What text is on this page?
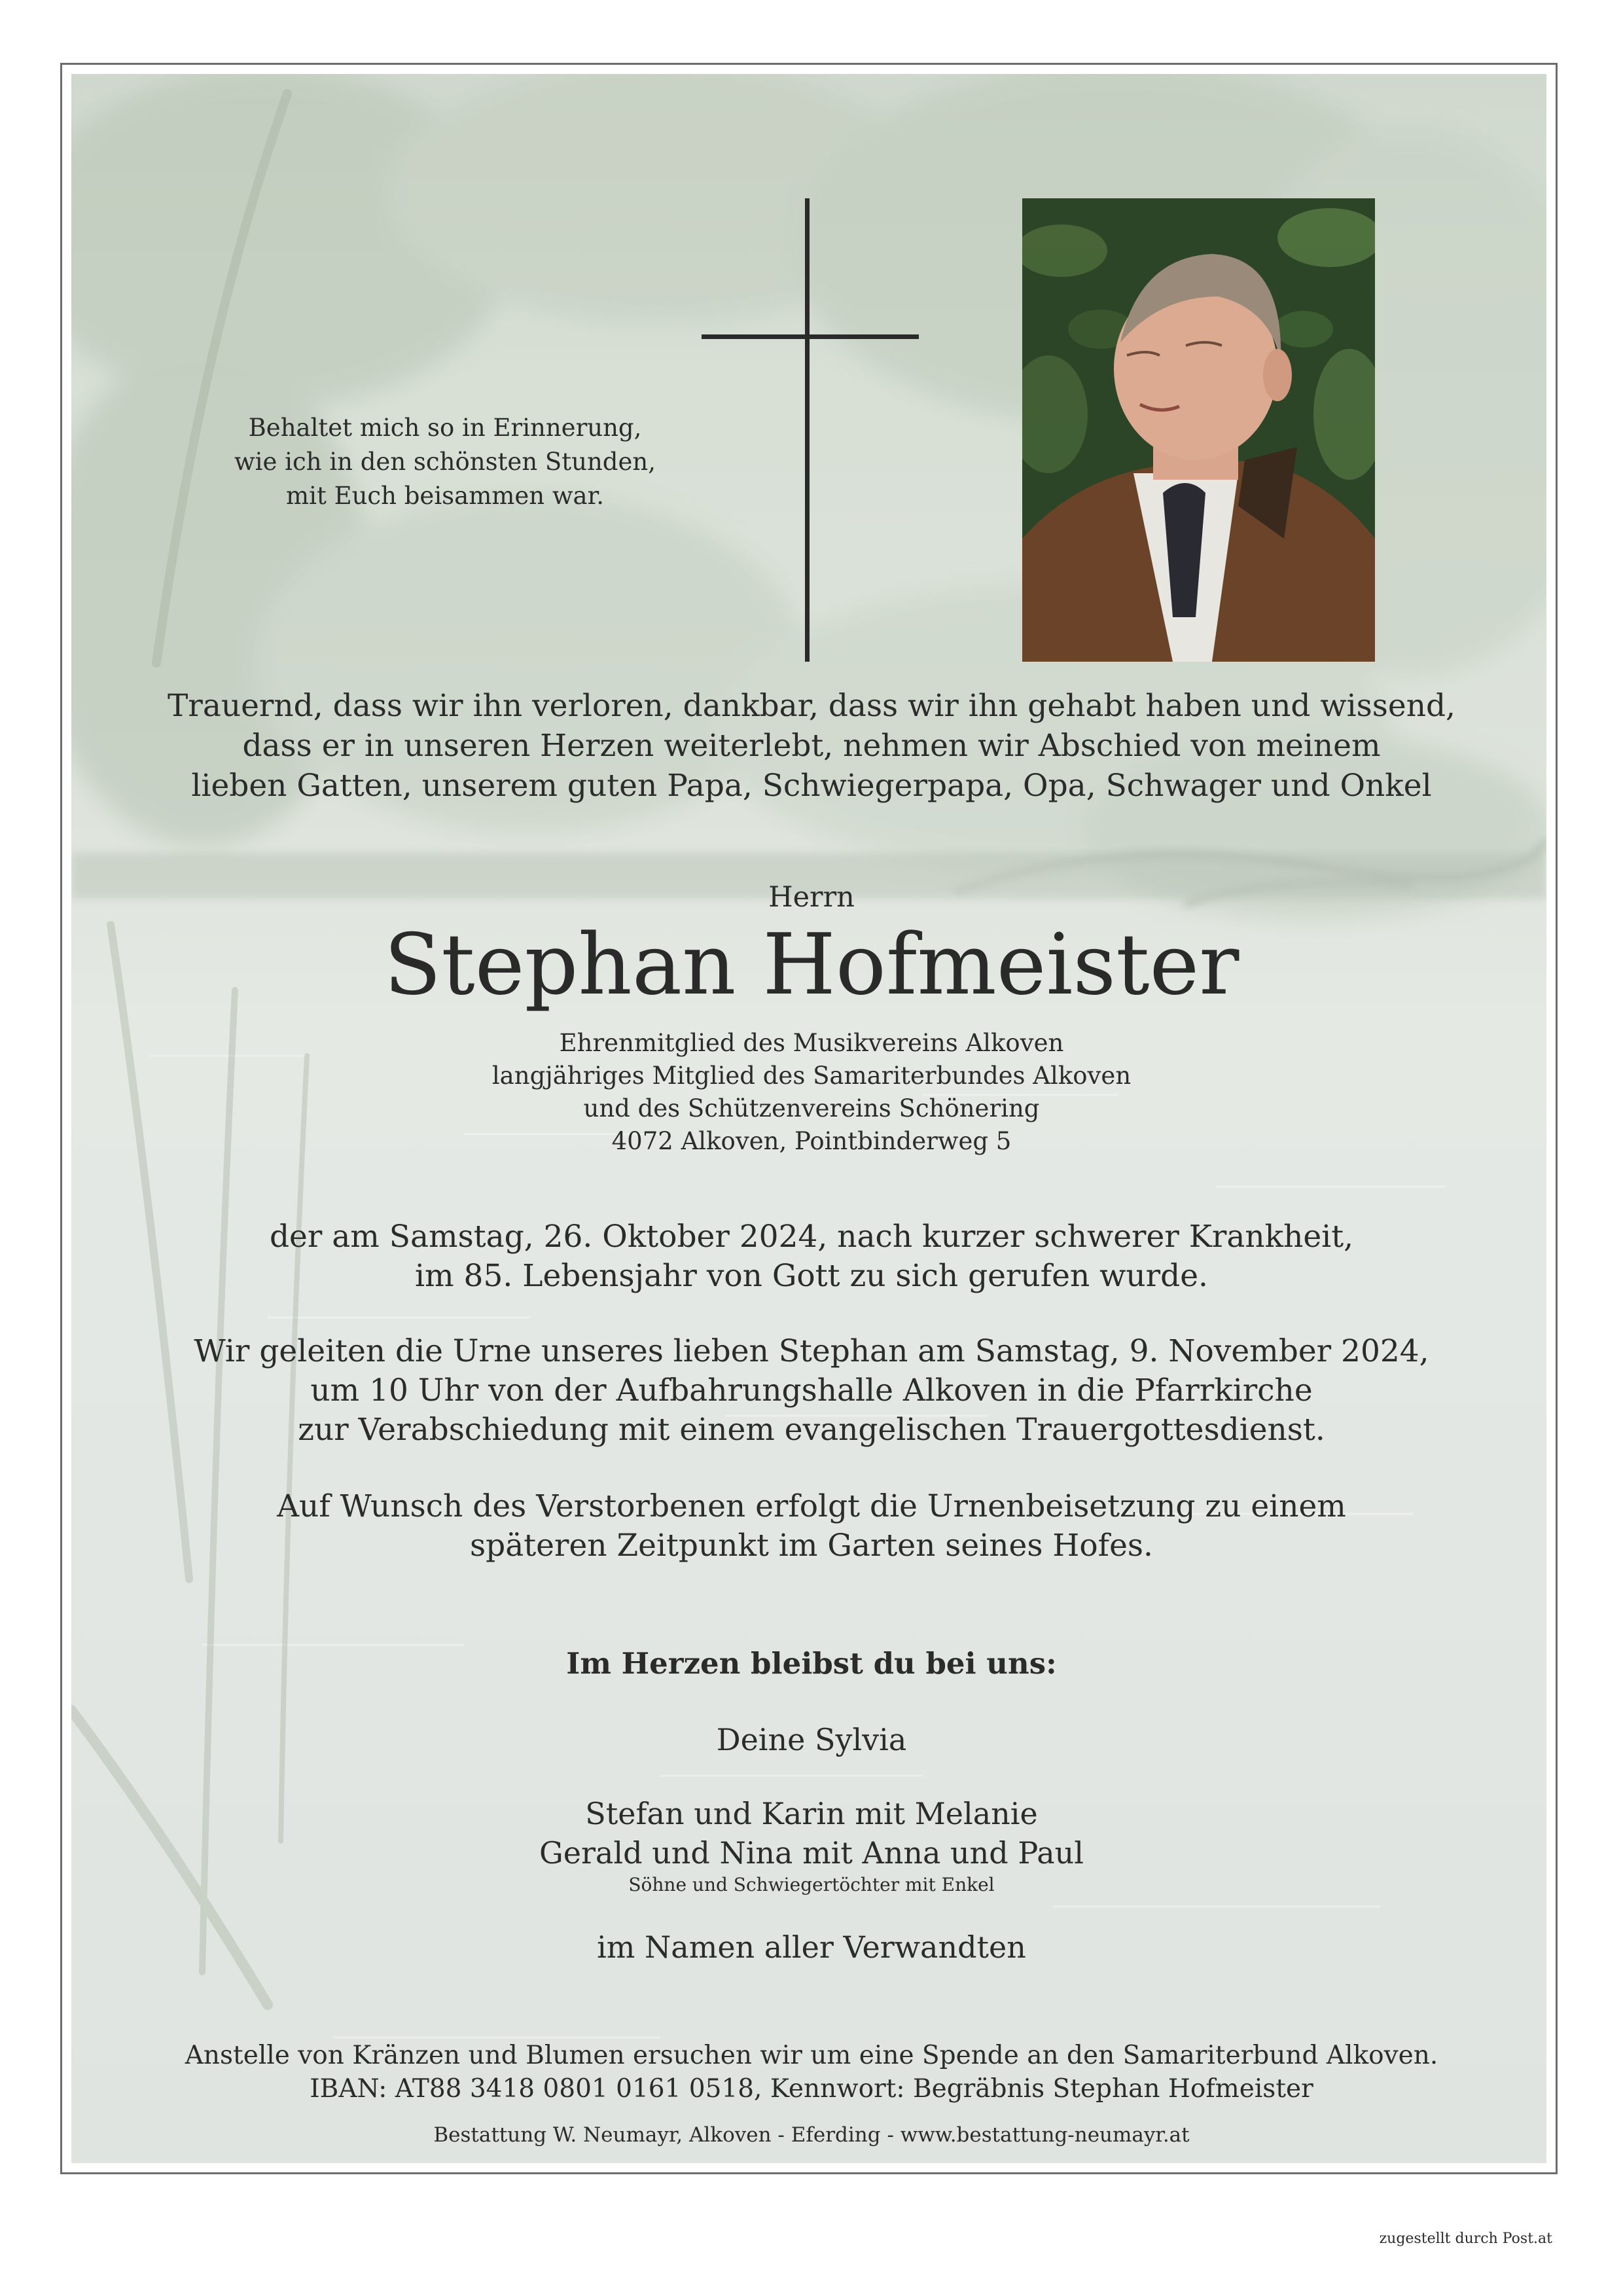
Behaltet mich so in Erinnerung,
wie ich in den schönsten Stunden,
mit Euch beisammen war.
Trauernd, dass wir ihn verloren, dankbar, dass wir ihn gehabt haben und wissend,
dass er in unseren Herzen weiterlebt, nehmen wir Abschied von meinem
lieben Gatten, unserem guten Papa, Schwiegerpapa, Opa, Schwager und Onkel
Herrn
Stephan Hofmeister
Ehrenmitglied des Musikvereins Alkoven
langjähriges Mitglied des Samariterbundes Alkoven
und des Schützenvereins Schönering
4072 Alkoven, Pointbinderweg 5
der am Samstag, 26. Oktober 2024, nach kurzer schwerer Krankheit,
im 85. Lebensjahr von Gott zu sich gerufen wurde.
Wir geleiten die Urne unseres lieben Stephan am Samstag, 9. November 2024,
um 10 Uhr von der Aufbahrungshalle Alkoven in die Pfarrkirche
zur Verabschiedung mit einem evangelischen Trauergottesdienst.
Auf Wunsch des Verstorbenen erfolgt die Urnenbeisetzung zu einem
späteren Zeitpunkt im Garten seines Hofes.
Im Herzen bleibst du bei uns:
Deine Sylvia
Stefan und Karin mit Melanie
Gerald und Nina mit Anna und Paul
Söhne und Schwiegertöchter mit Enkel
im Namen aller Verwandten
Anstelle von Kränzen und Blumen ersuchen wir um eine Spende an den Samariterbund Alkoven.
IBAN: AT88 3418 0801 0161 0518, Kennwort: Begräbnis Stephan Hofmeister
Bestattung W. Neumayr, Alkoven - Eferding - www.bestattung-neumayr.at
zugestellt durch Post.at
